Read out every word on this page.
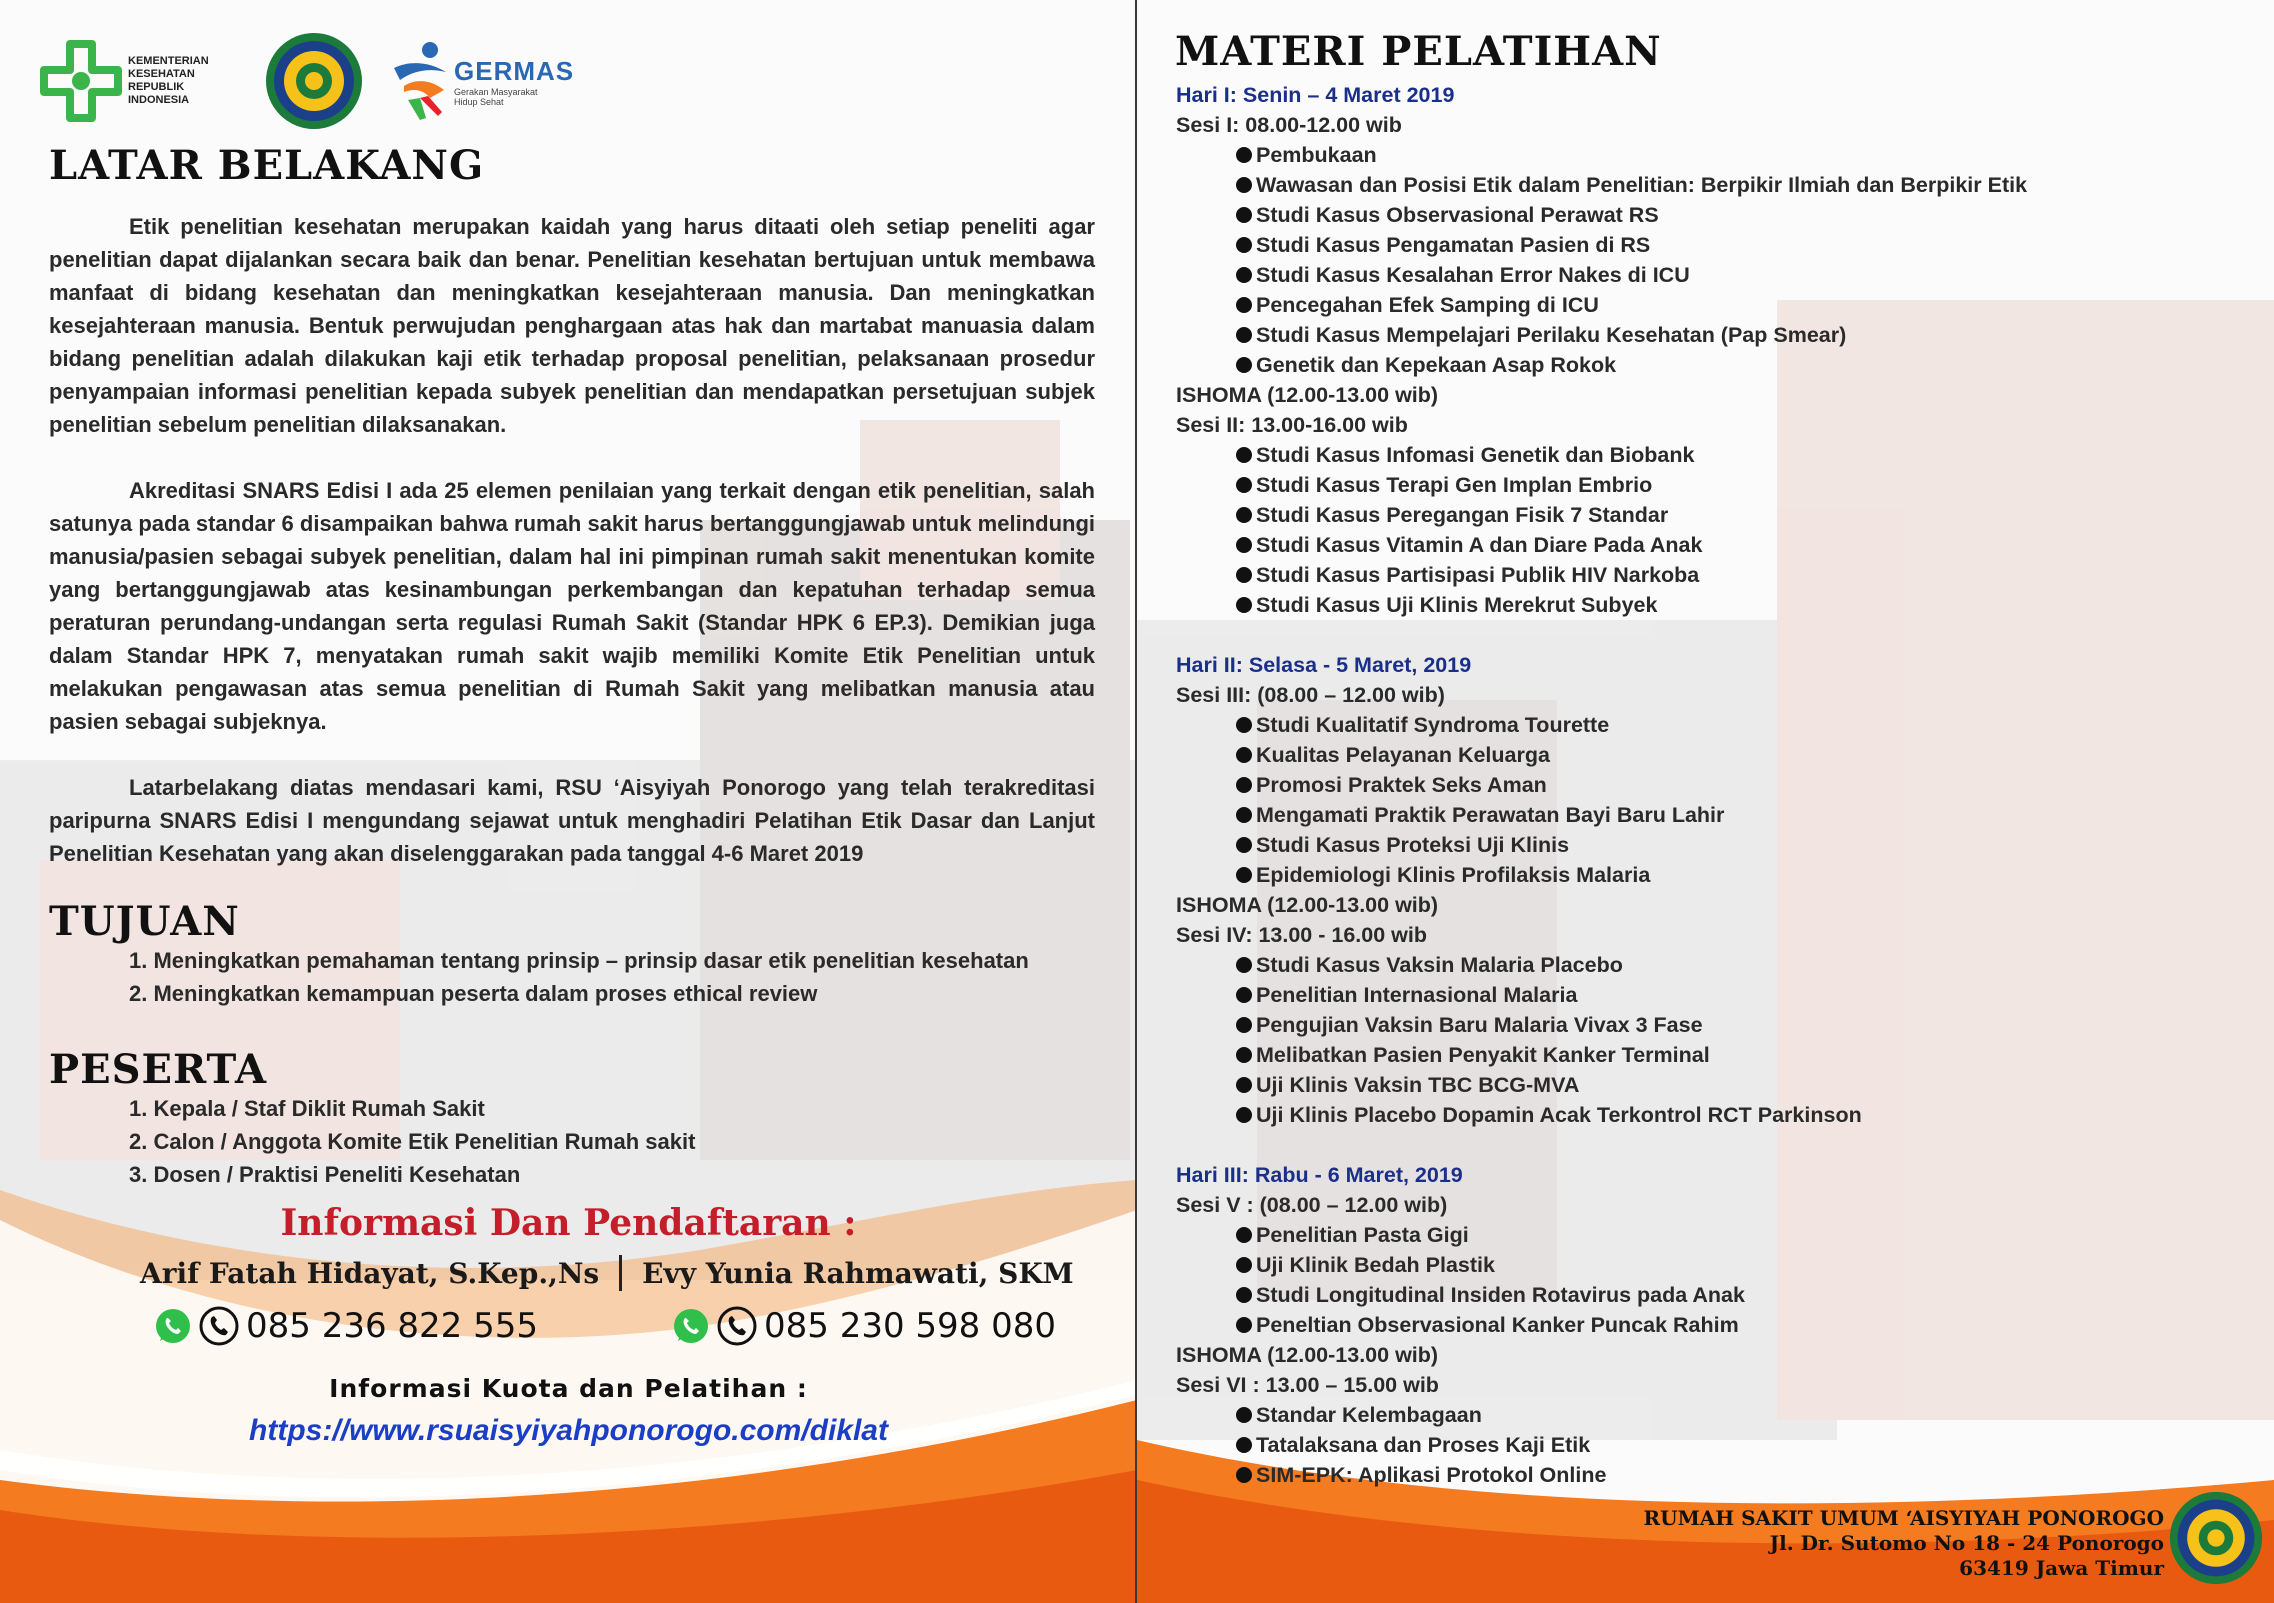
KEMENTERIAN
KESEHATAN
REPUBLIK
INDONESIA
GERMAS
Gerakan Masyarakat Hidup Sehat
LATAR BELAKANG

Etik penelitian kesehatan merupakan kaidah yang harus ditaati oleh setiap peneliti agar penelitian dapat dijalankan secara baik dan benar. Penelitian kesehatan bertujuan untuk membawa manfaat di bidang kesehatan dan meningkatkan kesejahteraan manusia. Dan meningkatkan kesejahteraan manusia. Bentuk perwujudan penghargaan atas hak dan martabat manuasia dalam bidang penelitian adalah dilakukan kaji etik terhadap proposal penelitian, pelaksanaan prosedur penyampaian informasi penelitian kepada subyek penelitian dan mendapatkan persetujuan subjek penelitian sebelum penelitian dilaksanakan.

Akreditasi SNARS Edisi I ada 25 elemen penilaian yang terkait dengan etik penelitian, salah satunya pada standar 6 disampaikan bahwa rumah sakit harus bertanggungjawab untuk melindungi manusia/pasien sebagai subyek penelitian, dalam hal ini pimpinan rumah sakit menentukan komite yang bertanggungjawab atas kesinambungan perkembangan dan kepatuhan terhadap semua peraturan perundang-undangan serta regulasi Rumah Sakit (Standar HPK 6 EP.3). Demikian juga dalam Standar HPK 7, menyatakan rumah sakit wajib memiliki Komite Etik Penelitian untuk melakukan pengawasan atas semua penelitian di Rumah Sakit yang melibatkan manusia atau pasien sebagai subjeknya.

Latarbelakang diatas mendasari kami, RSU ‘Aisyiyah Ponorogo yang telah terakreditasi paripurna SNARS Edisi I mengundang sejawat untuk menghadiri Pelatihan Etik Dasar dan Lanjut Penelitian Kesehatan yang akan diselenggarakan pada tanggal 4-6 Maret 2019

TUJUAN
1. Meningkatkan pemahaman tentang prinsip – prinsip dasar etik penelitian kesehatan
2. Meningkatkan kemampuan peserta dalam proses ethical review
PESERTA
1. Kepala / Staf Diklit Rumah Sakit
2. Calon / Anggota Komite Etik Penelitian Rumah sakit
3. Dosen / Praktisi Peneliti Kesehatan
Informasi Dan Pendaftaran :
Arif Fatah Hidayat, S.Kep.,Ns Evy Yunia Rahmawati, SKM
085 236 822 555	085 230 598 080
Informasi Kuota dan Pelatihan :
https://www.rsuaisyiyahponorogo.com/diklat
MATERI PELATIHAN
Hari I: Senin – 4 Maret 2019
Sesi I: 08.00-12.00 wib
Pembukaan
Wawasan dan Posisi Etik dalam Penelitian: Berpikir Ilmiah dan Berpikir Etik
Studi Kasus Observasional Perawat RS
Studi Kasus Pengamatan Pasien di RS
Studi Kasus Kesalahan Error Nakes di ICU
Pencegahan Efek Samping di ICU
Studi Kasus Mempelajari Perilaku Kesehatan (Pap Smear)
Genetik dan Kepekaan Asap Rokok
ISHOMA (12.00-13.00 wib)
Sesi II: 13.00-16.00 wib
Studi Kasus Infomasi Genetik dan Biobank
Studi Kasus Terapi Gen Implan Embrio
Studi Kasus Peregangan Fisik 7 Standar
Studi Kasus Vitamin A dan Diare Pada Anak
Studi Kasus Partisipasi Publik HIV Narkoba
Studi Kasus Uji Klinis Merekrut Subyek
Hari II: Selasa - 5 Maret, 2019
Sesi III: (08.00 – 12.00 wib)
Studi Kualitatif Syndroma Tourette
Kualitas Pelayanan Keluarga
Promosi Praktek Seks Aman
Mengamati Praktik Perawatan Bayi Baru Lahir
Studi Kasus Proteksi Uji Klinis
Epidemiologi Klinis Profilaksis Malaria
ISHOMA (12.00-13.00 wib)
Sesi IV: 13.00 - 16.00 wib
Studi Kasus Vaksin Malaria Placebo
Penelitian Internasional Malaria
Pengujian Vaksin Baru Malaria Vivax 3 Fase
Melibatkan Pasien Penyakit Kanker Terminal
Uji Klinis Vaksin TBC BCG-MVA
Uji Klinis Placebo Dopamin Acak Terkontrol RCT Parkinson
Hari III: Rabu - 6 Maret, 2019
Sesi V : (08.00 – 12.00 wib)
Penelitian Pasta Gigi
Uji Klinik Bedah Plastik
Studi Longitudinal Insiden Rotavirus pada Anak
Peneltian Observasional Kanker Puncak Rahim
ISHOMA (12.00-13.00 wib)
Sesi VI : 13.00 – 15.00 wib
Standar Kelembagaan
Tatalaksana dan Proses Kaji Etik
SIM-EPK: Aplikasi Protokol Online
RUMAH SAKIT UMUM ‘AISYIYAH PONOROGO
Jl. Dr. Sutomo No 18 - 24 Ponorogo
63419 Jawa Timur
